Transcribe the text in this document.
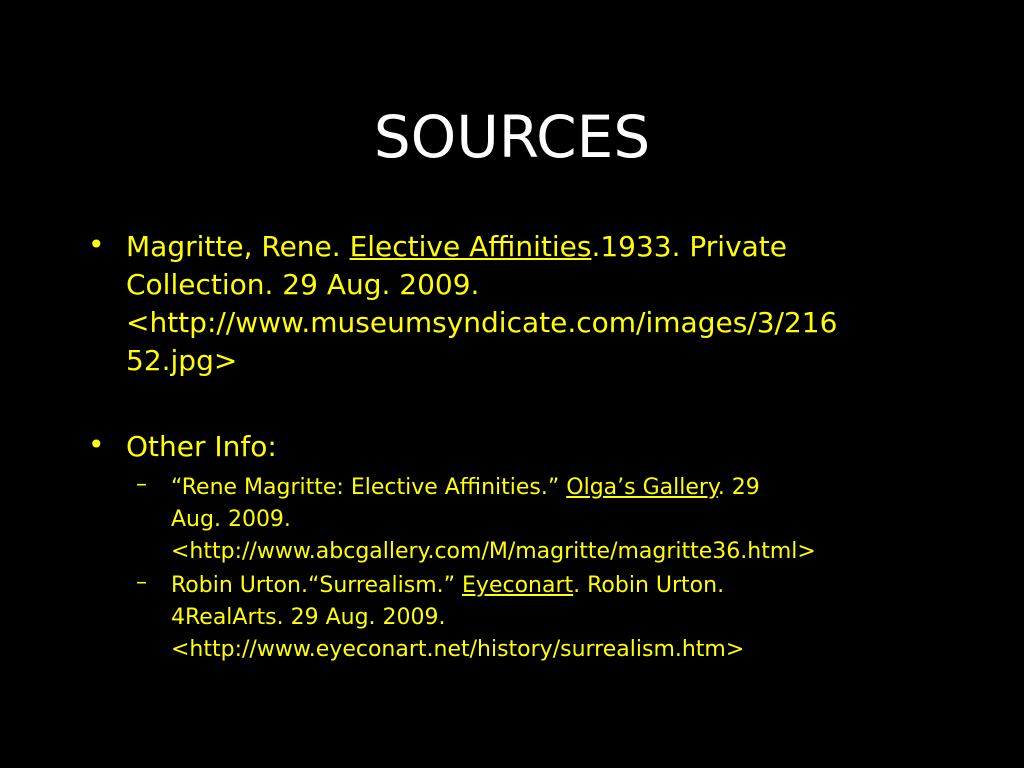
SOURCES
• Magritte, Rene. Elective Affinities.1933. Private
Collection. 29 Aug. 2009.
<http://www.museumsyndicate.com/images/3/216
52.jpg>
• Other Info:
– “Rene Magritte: Elective Affinities.” Olga’s Gallery. 29
Aug. 2009.
<http://www.abcgallery.com/M/magritte/magritte36.html>
– Robin Urton.“Surrealism.” Eyeconart. Robin Urton.
4RealArts. 29 Aug. 2009.
<http://www.eyeconart.net/history/surrealism.htm>
